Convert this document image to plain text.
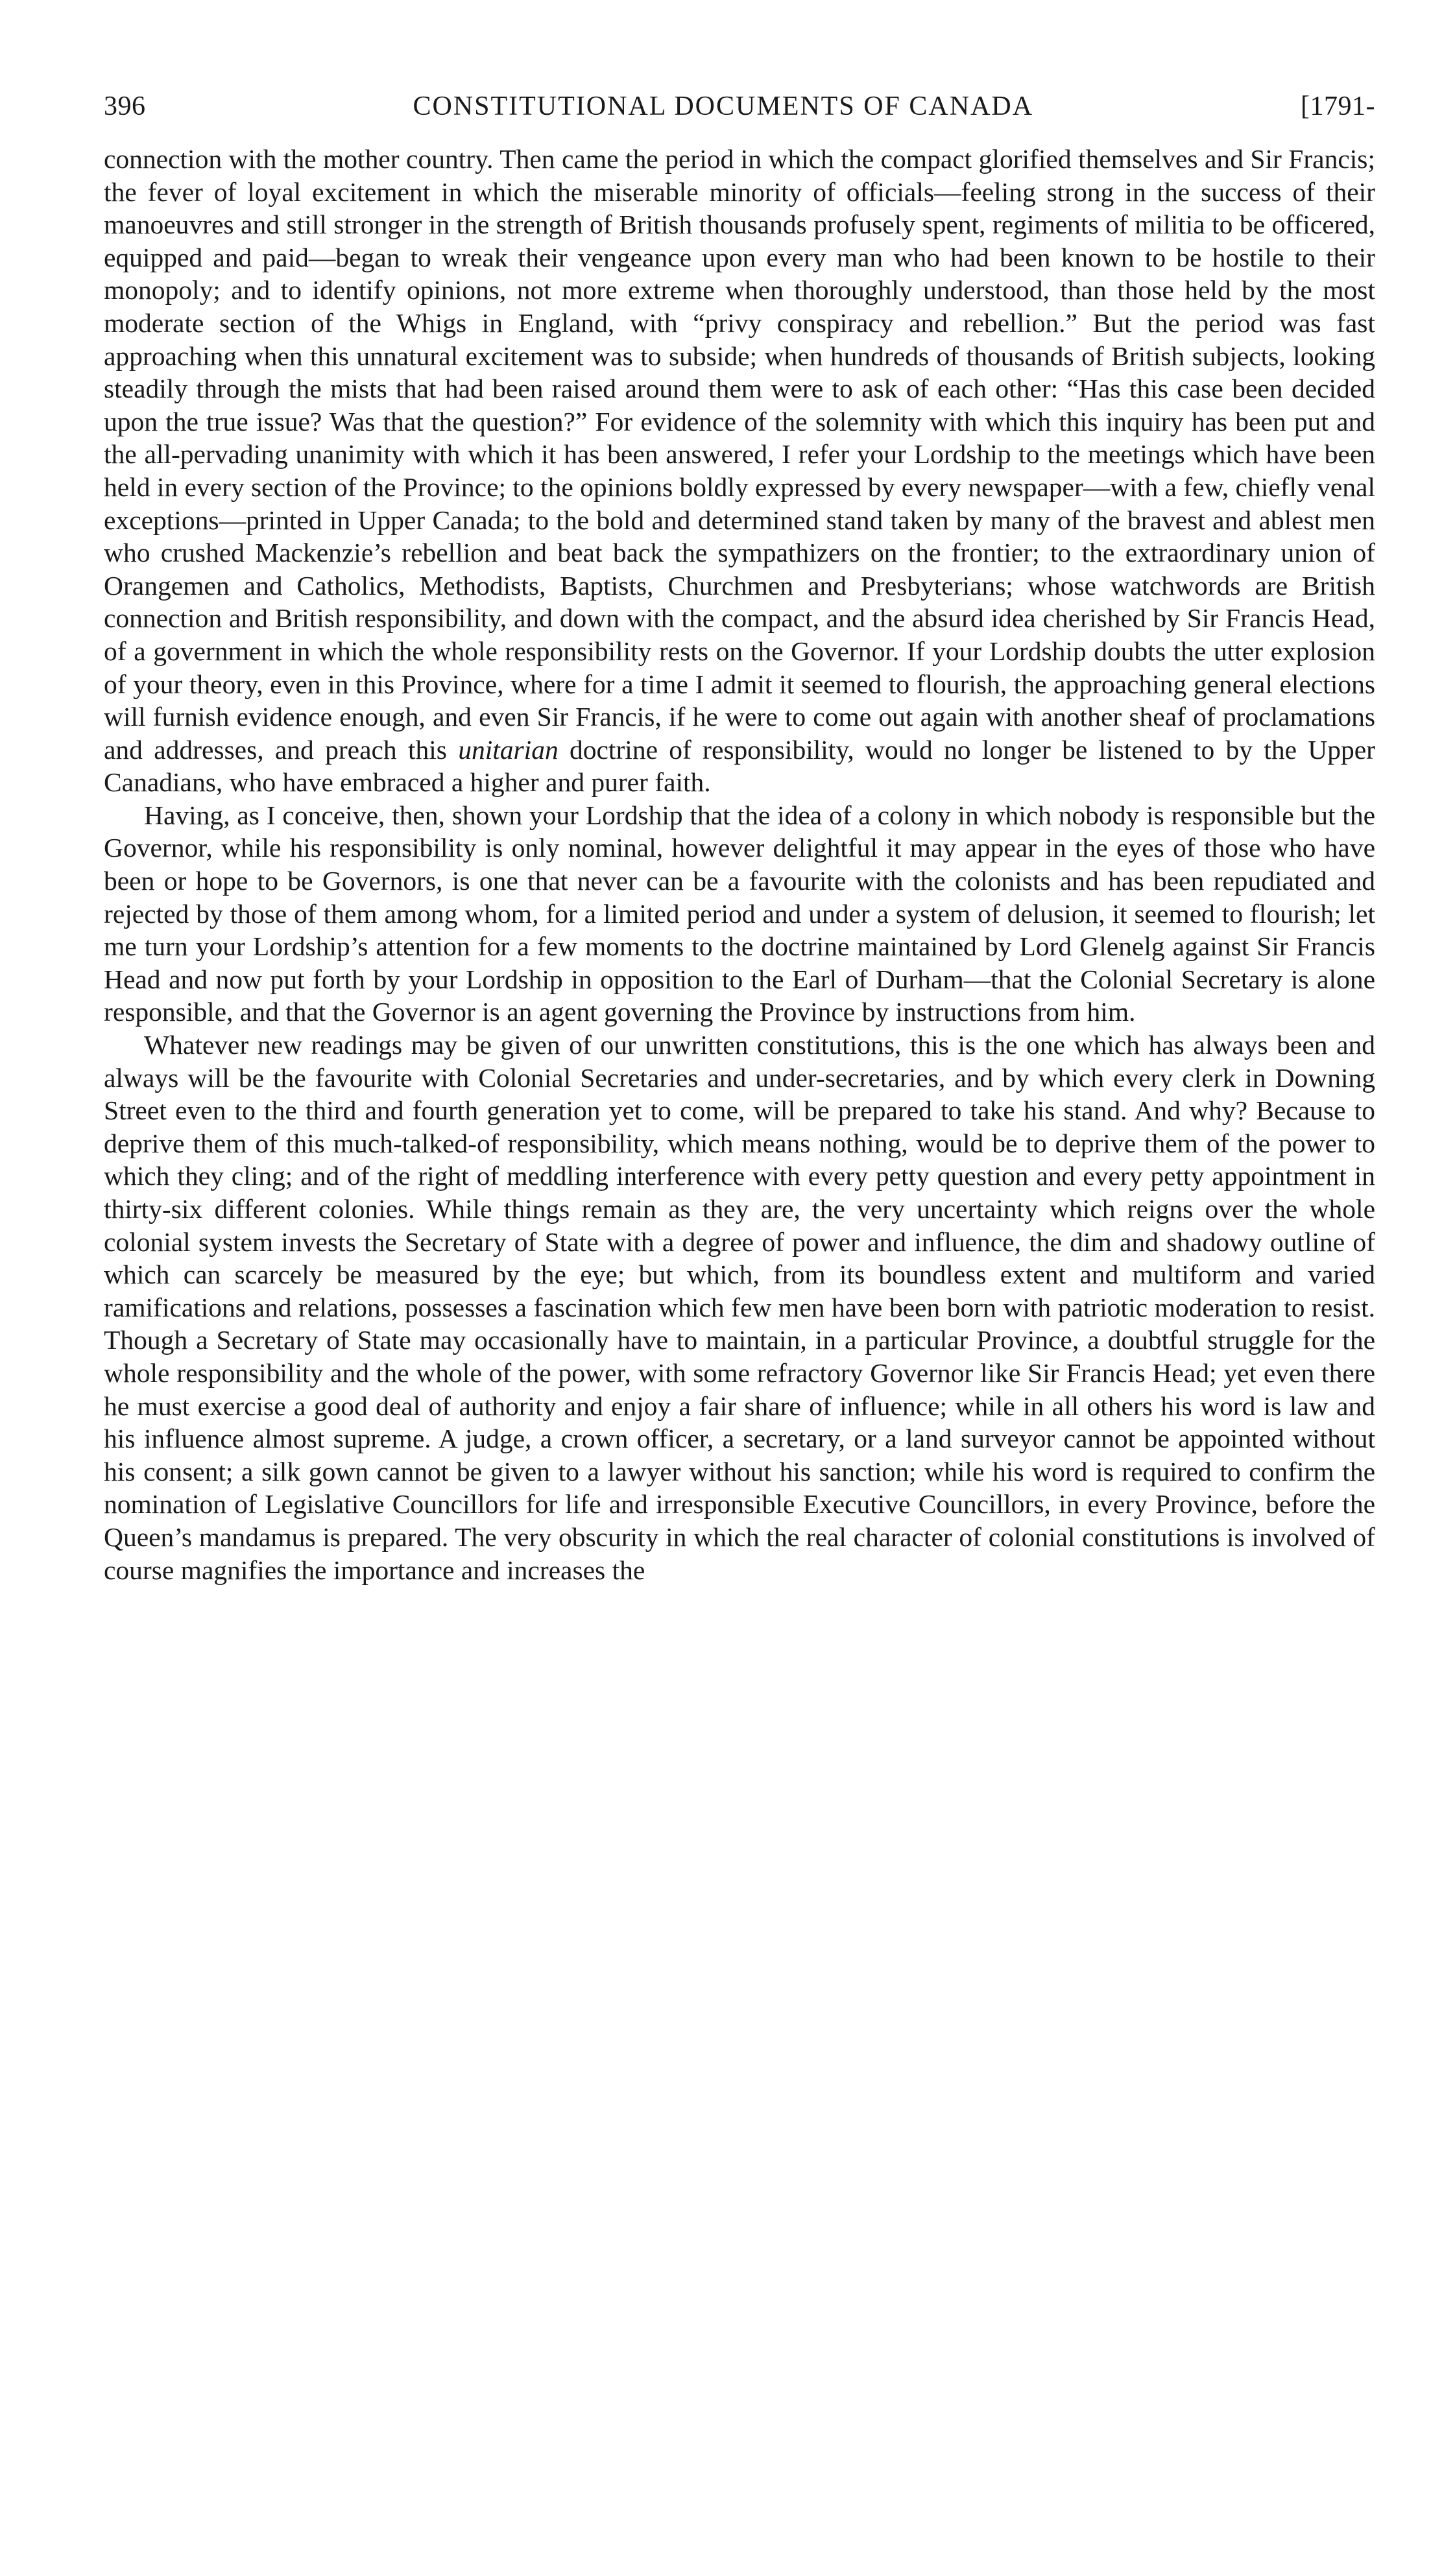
396	CONSTITUTIONAL DOCUMENTS OF CANADA	[1791-

connection with the mother country. Then came the period in which the compact glorified themselves and Sir Francis; the fever of loyal excitement in which the miserable minority of officials—feeling strong in the success of their manoeuvres and still stronger in the strength of British thousands profusely spent, regiments of militia to be officered, equipped and paid—began to wreak their vengeance upon every man who had been known to be hostile to their monopoly; and to identify opinions, not more extreme when thoroughly understood, than those held by the most moderate section of the Whigs in England, with “privy conspiracy and rebellion.” But the period was fast approaching when this unnatural excitement was to subside; when hundreds of thousands of British subjects, looking steadily through the mists that had been raised around them were to ask of each other: “Has this case been decided upon the true issue? Was that the question?” For evidence of the solemnity with which this inquiry has been put and the all-pervading unanimity with which it has been answered, I refer your Lordship to the meetings which have been held in every section of the Province; to the opinions boldly expressed by every newspaper—with a few, chiefly venal exceptions—printed in Upper Canada; to the bold and determined stand taken by many of the bravest and ablest men who crushed Mackenzie’s rebellion and beat back the sympathizers on the frontier; to the extraordinary union of Orangemen and Catholics, Methodists, Baptists, Churchmen and Presbyterians; whose watchwords are British connection and British responsibility, and down with the compact, and the absurd idea cherished by Sir Francis Head, of a government in which the whole responsibility rests on the Governor. If your Lordship doubts the utter explosion of your theory, even in this Province, where for a time I admit it seemed to flourish, the approaching general elections will furnish evidence enough, and even Sir Francis, if he were to come out again with another sheaf of proclamations and addresses, and preach this unitarian doctrine of responsibility, would no longer be listened to by the Upper Canadians, who have embraced a higher and purer faith.

Having, as I conceive, then, shown your Lordship that the idea of a colony in which nobody is responsible but the Governor, while his responsibility is only nominal, however delightful it may appear in the eyes of those who have been or hope to be Governors, is one that never can be a favourite with the colonists and has been repudiated and rejected by those of them among whom, for a limited period and under a system of delusion, it seemed to flourish; let me turn your Lordship’s attention for a few moments to the doctrine maintained by Lord Glenelg against Sir Francis Head and now put forth by your Lordship in opposition to the Earl of Durham—that the Colonial Secretary is alone responsible, and that the Governor is an agent governing the Province by instructions from him.

Whatever new readings may be given of our unwritten constitutions, this is the one which has always been and always will be the favourite with Colonial Secretaries and under-secretaries, and by which every clerk in Downing Street even to the third and fourth generation yet to come, will be prepared to take his stand. And why? Because to deprive them of this much-talked-of responsibility, which means nothing, would be to deprive them of the power to which they cling; and of the right of meddling interference with every petty question and every petty appointment in thirty-six different colonies. While things remain as they are, the very uncertainty which reigns over the whole colonial system invests the Secretary of State with a degree of power and influence, the dim and shadowy outline of which can scarcely be measured by the eye; but which, from its boundless extent and multiform and varied ramifications and relations, possesses a fascination which few men have been born with patriotic moderation to resist. Though a Secretary of State may occasionally have to maintain, in a particular Province, a doubtful struggle for the whole responsibility and the whole of the power, with some refractory Governor like Sir Francis Head; yet even there he must exercise a good deal of authority and enjoy a fair share of influence; while in all others his word is law and his influence almost supreme. A judge, a crown officer, a secretary, or a land surveyor cannot be appointed without his consent; a silk gown cannot be given to a lawyer without his sanction; while his word is required to confirm the nomination of Legislative Councillors for life and irresponsible Executive Councillors, in every Province, before the Queen’s mandamus is prepared. The very obscurity in which the real character of colonial constitutions is involved of course magnifies the importance and increases the
